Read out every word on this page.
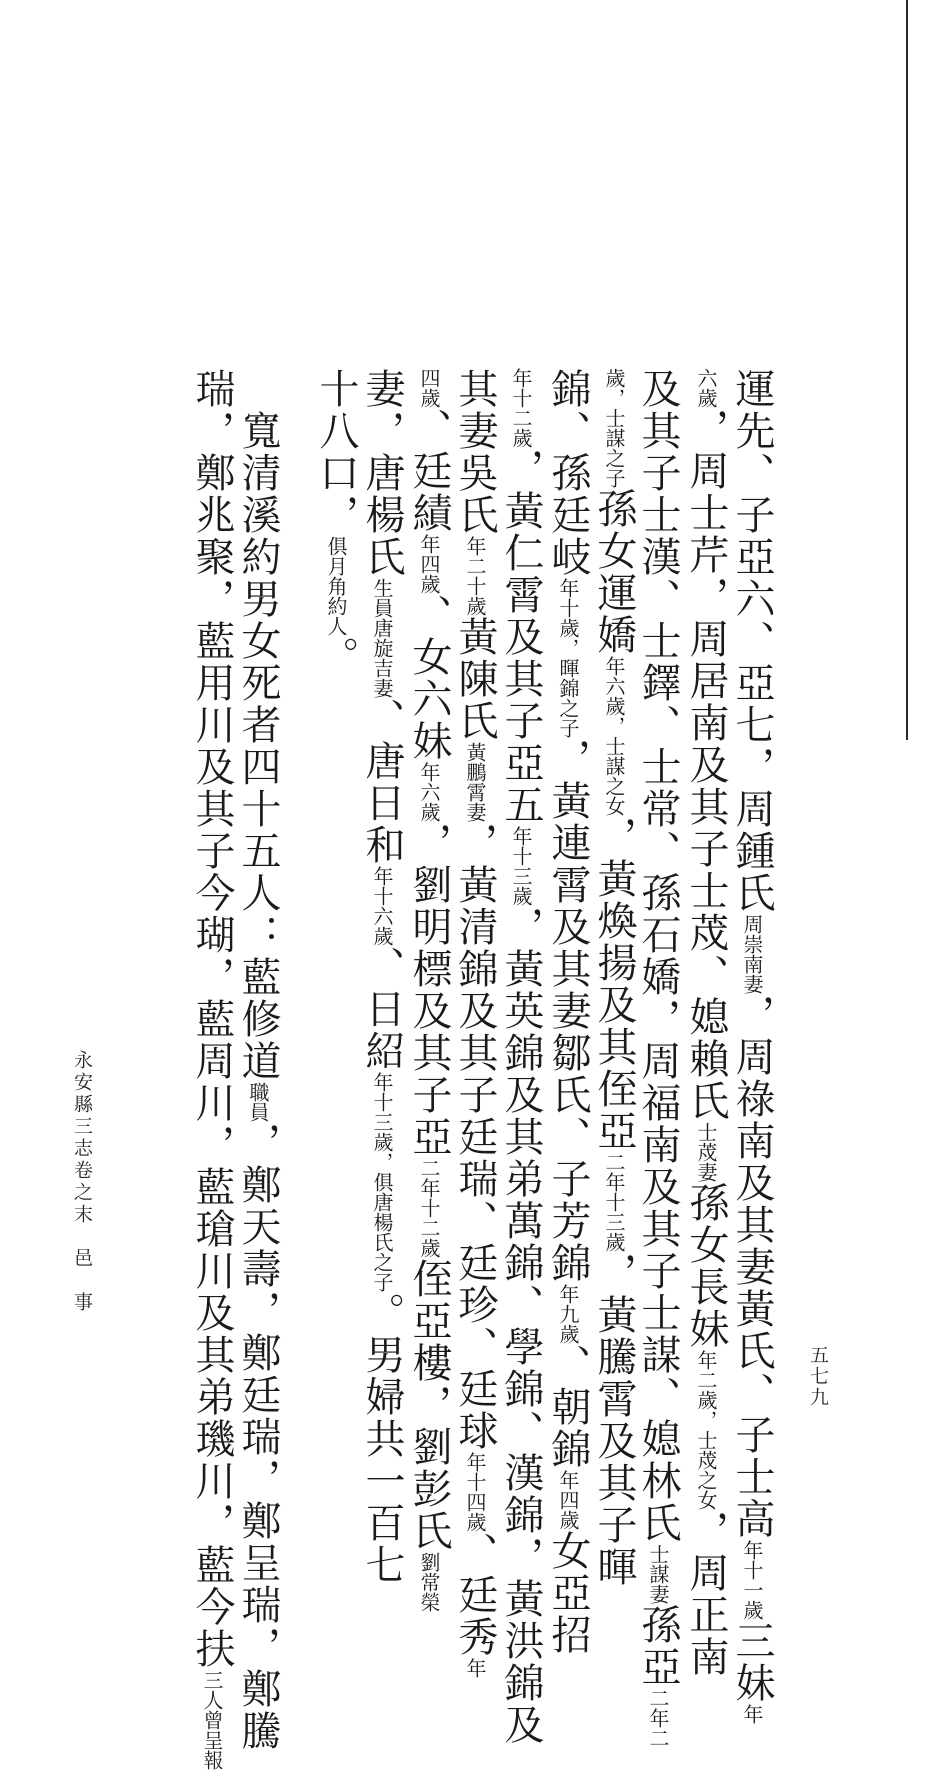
運先、子亞六、亞七，周鍾氏周崇南妻，周祿南及其妻黃氏、子士高年十一歲三妹年
六歲，周士芹，周居南及其子士荗、媳賴氏士荗妻孫女長妹年二歲，士荗之女，周正南
及其子士漢、士鐸、士常、孫石嬌，周福南及其子士謀、媳林氏士謀妻孫亞二年二
歲，士謀之子孫女運嬌年六歲，士謀之女，黃煥揚及其侄亞二年十三歲，黃騰霄及其子暉
錦、孫廷岐年十歲，暉錦之子，黃連霄及其妻鄒氏、子芳錦年九歲、朝錦年四歲女亞招
年十二歲，黃仁霄及其子亞五年十三歲，黃英錦及其弟萬錦、學錦、漢錦，黃洪錦及
其妻吳氏年二十歲黃陳氏黃鵬霄妻，黃清錦及其子廷瑞、廷珍、廷球年十四歲、廷秀年
四歲、廷績年四歲、女六妹年六歲，劉明標及其子亞二年十二歲侄亞樓，劉彭氏劉常榮
妻，唐楊氏生員唐旋吉妻、唐日和年十六歲、日紹年十三歲，俱唐楊氏之子。男婦共一百七
十八口，俱月角約人。
　寬清溪約男女死者四十五人：藍修道職員，鄭天壽，鄭廷瑞，鄭呈瑞，鄭騰
瑞，鄭兆聚，藍用川及其子今瑚，藍周川，藍瑲川及其弟璣川，藍今扶三人曾呈報
永安縣三志卷之末　邑　事
五七九
